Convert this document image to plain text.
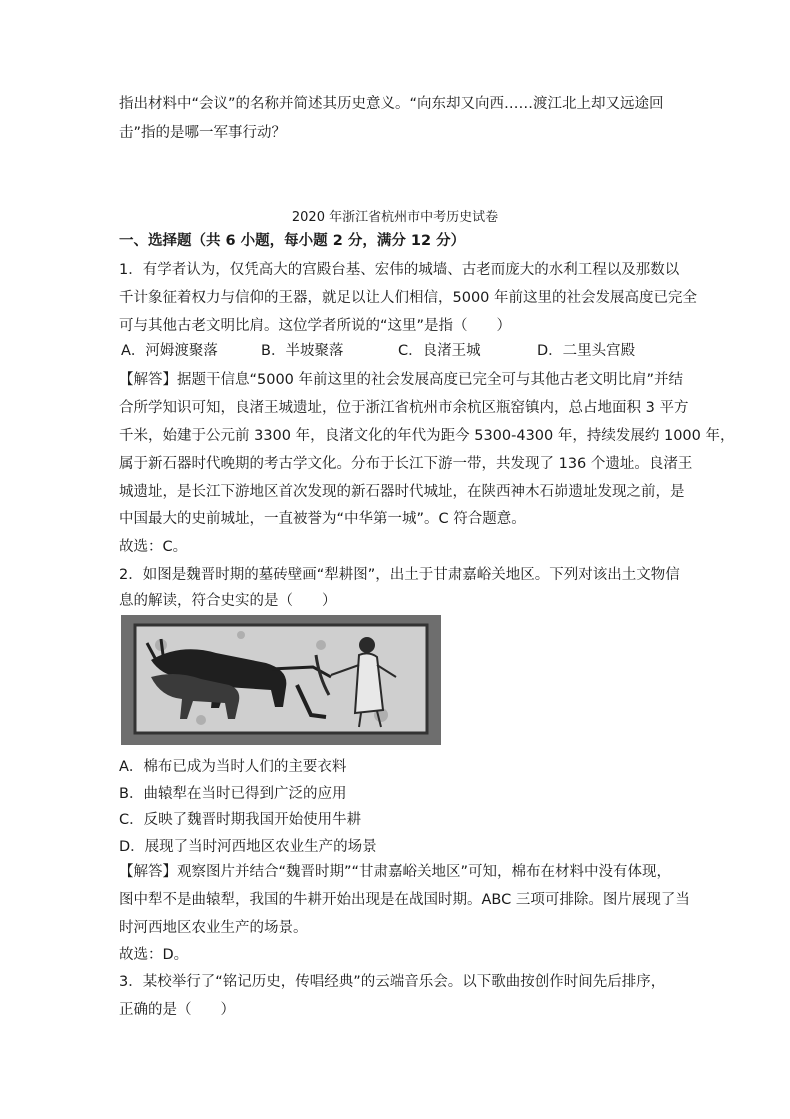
指出材料中“会议”的名称并简述其历史意义。“向东却又向西……渡江北上却又远途回
击”指的是哪一军事行动？
2020 年浙江省杭州市中考历史试卷
一、选择题（共 6 小题，每小题 2 分，满分 12 分）
1．有学者认为，仅凭高大的宫殿台基、宏伟的城墙、古老而庞大的水利工程以及那数以
千计象征着权力与信仰的王器，就足以让人们相信，5000 年前这里的社会发展高度已完全
可与其他古老文明比肩。这位学者所说的“这里”是指（　　）
A．河姆渡聚落	B．半坡聚落	C．良渚王城	D．二里头宫殿
【解答】据题干信息“5000 年前这里的社会发展高度已完全可与其他古老文明比肩”并结
合所学知识可知，良渚王城遗址，位于浙江省杭州市余杭区瓶窑镇内，总占地面积 3 平方
千米，始建于公元前 3300 年，良渚文化的年代为距今 5300-4300 年，持续发展约 1000 年，
属于新石器时代晚期的考古学文化。分布于长江下游一带，共发现了 136 个遗址。良渚王
城遗址，是长江下游地区首次发现的新石器时代城址，在陕西神木石峁遗址发现之前，是
中国最大的史前城址，一直被誉为“中华第一城”。C 符合题意。
故选：C。
2．如图是魏晋时期的墓砖壁画“犁耕图”，出土于甘肃嘉峪关地区。下列对该出土文物信
息的解读，符合史实的是（　　）
A．棉布已成为当时人们的主要衣料
B．曲辕犁在当时已得到广泛的应用
C．反映了魏晋时期我国开始使用牛耕
D．展现了当时河西地区农业生产的场景
【解答】观察图片并结合“魏晋时期”“甘肃嘉峪关地区”可知，棉布在材料中没有体现，
图中犁不是曲辕犁，我国的牛耕开始出现是在战国时期。ABC 三项可排除。图片展现了当
时河西地区农业生产的场景。
故选：D。
3．某校举行了“铭记历史，传唱经典”的云端音乐会。以下歌曲按创作时间先后排序，
正确的是（　　）
